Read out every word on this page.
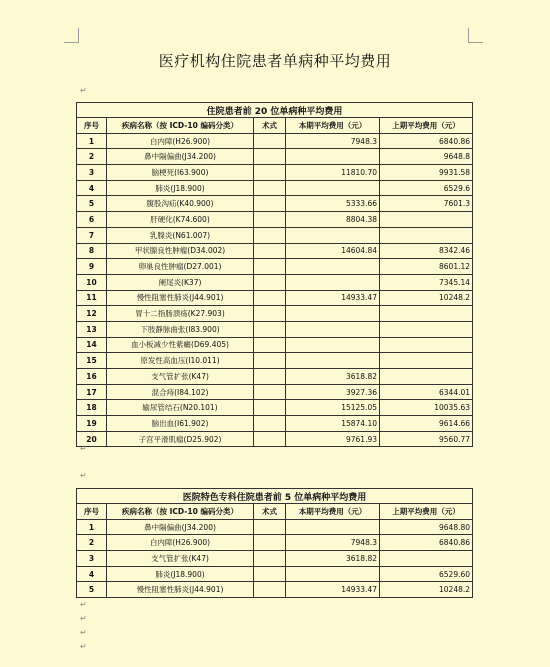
医疗机构住院患者单病种平均费用
↵
住院患者前 20 位单病种平均费用				
序号	疾病名称（按 ICD-10 编码分类）	术式	本期平均费用（元）	上期平均费用（元）
1	白内障(H26.900)		7948.3	6840.86
2	鼻中隔偏曲(J34.200)			9648.8
3	脑梗死(I63.900)		11810.70	9931.58
4	肺炎(J18.900)			6529.6
5	腹股沟疝(K40.900)		5333.66	7601.3
6	肝硬化(K74.600)		8804.38	
7	乳腺炎(N61.007)			
8	甲状腺良性肿瘤(D34.002)		14604.84	8342.46
9	卵巢良性肿瘤(D27.001)			8601.12
10	阑尾炎(K37)			7345.14
11	慢性阻塞性肺炎(J44.901)		14933.47	10248.2
12	胃十二指肠溃疡(K27.903)			
13	下肢静脉曲张(I83.900)			
14	血小板减少性紫癜(D69.405)			
15	原发性高血压(I10.011)			
16	支气管扩张(K47)		3618.82	
17	混合痔(I84.102)		3927.36	6344.01
18	输尿管结石(N20.101)		15125.05	10035.63
19	脑出血(I61.902)		15874.10	9614.66
20	子宫平滑肌瘤(D25.902)		9761.93	9560.77
↵
↵
医院特色专科住院患者前 5 位单病种平均费用				
序号	疾病名称（按 ICD-10 编码分类）	术式	本期平均费用（元）	上期平均费用（元）
1	鼻中隔偏曲(J34.200)			9648.80
2	白内障(H26.900)		7948.3	6840.86
3	支气管扩张(K47)		3618.82	
4	肺炎(J18.900)			6529.60
5	慢性阻塞性肺炎(J44.901)		14933.47	10248.2
↵
↵
↵
↵
